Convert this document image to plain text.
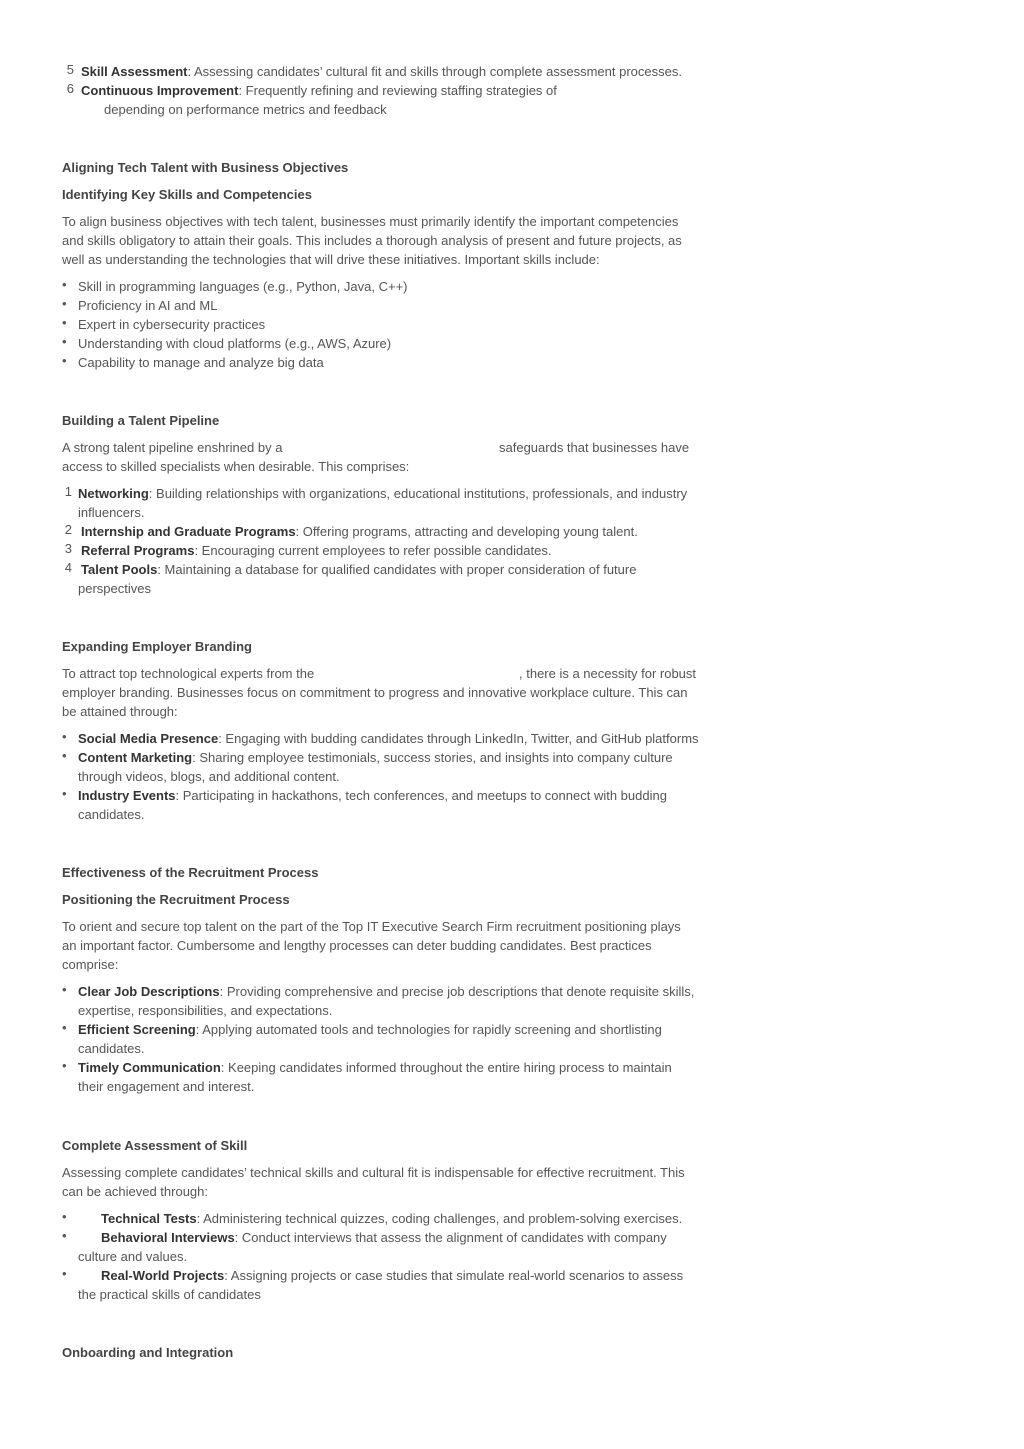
5 Skill Assessment: Assessing candidates’ cultural fit and skills through complete assessment processes.
6 Continuous Improvement: Frequently refining and reviewing staffing strategies of
depending on performance metrics and feedback
Aligning Tech Talent with Business Objectives
Identifying Key Skills and Competencies
To align business objectives with tech talent, businesses must primarily identify the important competencies
and skills obligatory to attain their goals. This includes a thorough analysis of present and future projects, as
well as understanding the technologies that will drive these initiatives. Important skills include:
• Skill in programming languages (e.g., Python, Java, C++)
• Proficiency in AI and ML
• Expert in cybersecurity practices
• Understanding with cloud platforms (e.g., AWS, Azure)
• Capability to manage and analyze big data
Building a Talent Pipeline
A strong talent pipeline enshrined by a	safeguards that businesses have
access to skilled specialists when desirable. This comprises:
1 Networking: Building relationships with organizations, educational institutions, professionals, and industry
influencers.
2 Internship and Graduate Programs: Offering programs, attracting and developing young talent.
3 Referral Programs: Encouraging current employees to refer possible candidates.
4 Talent Pools: Maintaining a database for qualified candidates with proper consideration of future
perspectives
Expanding Employer Branding
To attract top technological experts from the	, there is a necessity for robust
employer branding. Businesses focus on commitment to progress and innovative workplace culture. This can
be attained through:
• Social Media Presence: Engaging with budding candidates through LinkedIn, Twitter, and GitHub platforms
• Content Marketing: Sharing employee testimonials, success stories, and insights into company culture
through videos, blogs, and additional content.
• Industry Events: Participating in hackathons, tech conferences, and meetups to connect with budding
candidates.
Effectiveness of the Recruitment Process
Positioning the Recruitment Process
To orient and secure top talent on the part of the Top IT Executive Search Firm recruitment positioning plays
an important factor. Cumbersome and lengthy processes can deter budding candidates. Best practices
comprise:
• Clear Job Descriptions: Providing comprehensive and precise job descriptions that denote requisite skills,
expertise, responsibilities, and expectations.
• Efficient Screening: Applying automated tools and technologies for rapidly screening and shortlisting
candidates.
• Timely Communication: Keeping candidates informed throughout the entire hiring process to maintain
their engagement and interest.
Complete Assessment of Skill
Assessing complete candidates’ technical skills and cultural fit is indispensable for effective recruitment. This
can be achieved through:
•	Technical Tests: Administering technical quizzes, coding challenges, and problem-solving exercises.
•	Behavioral Interviews: Conduct interviews that assess the alignment of candidates with company
culture and values.
•	Real-World Projects: Assigning projects or case studies that simulate real-world scenarios to assess
the practical skills of candidates
Onboarding and Integration
